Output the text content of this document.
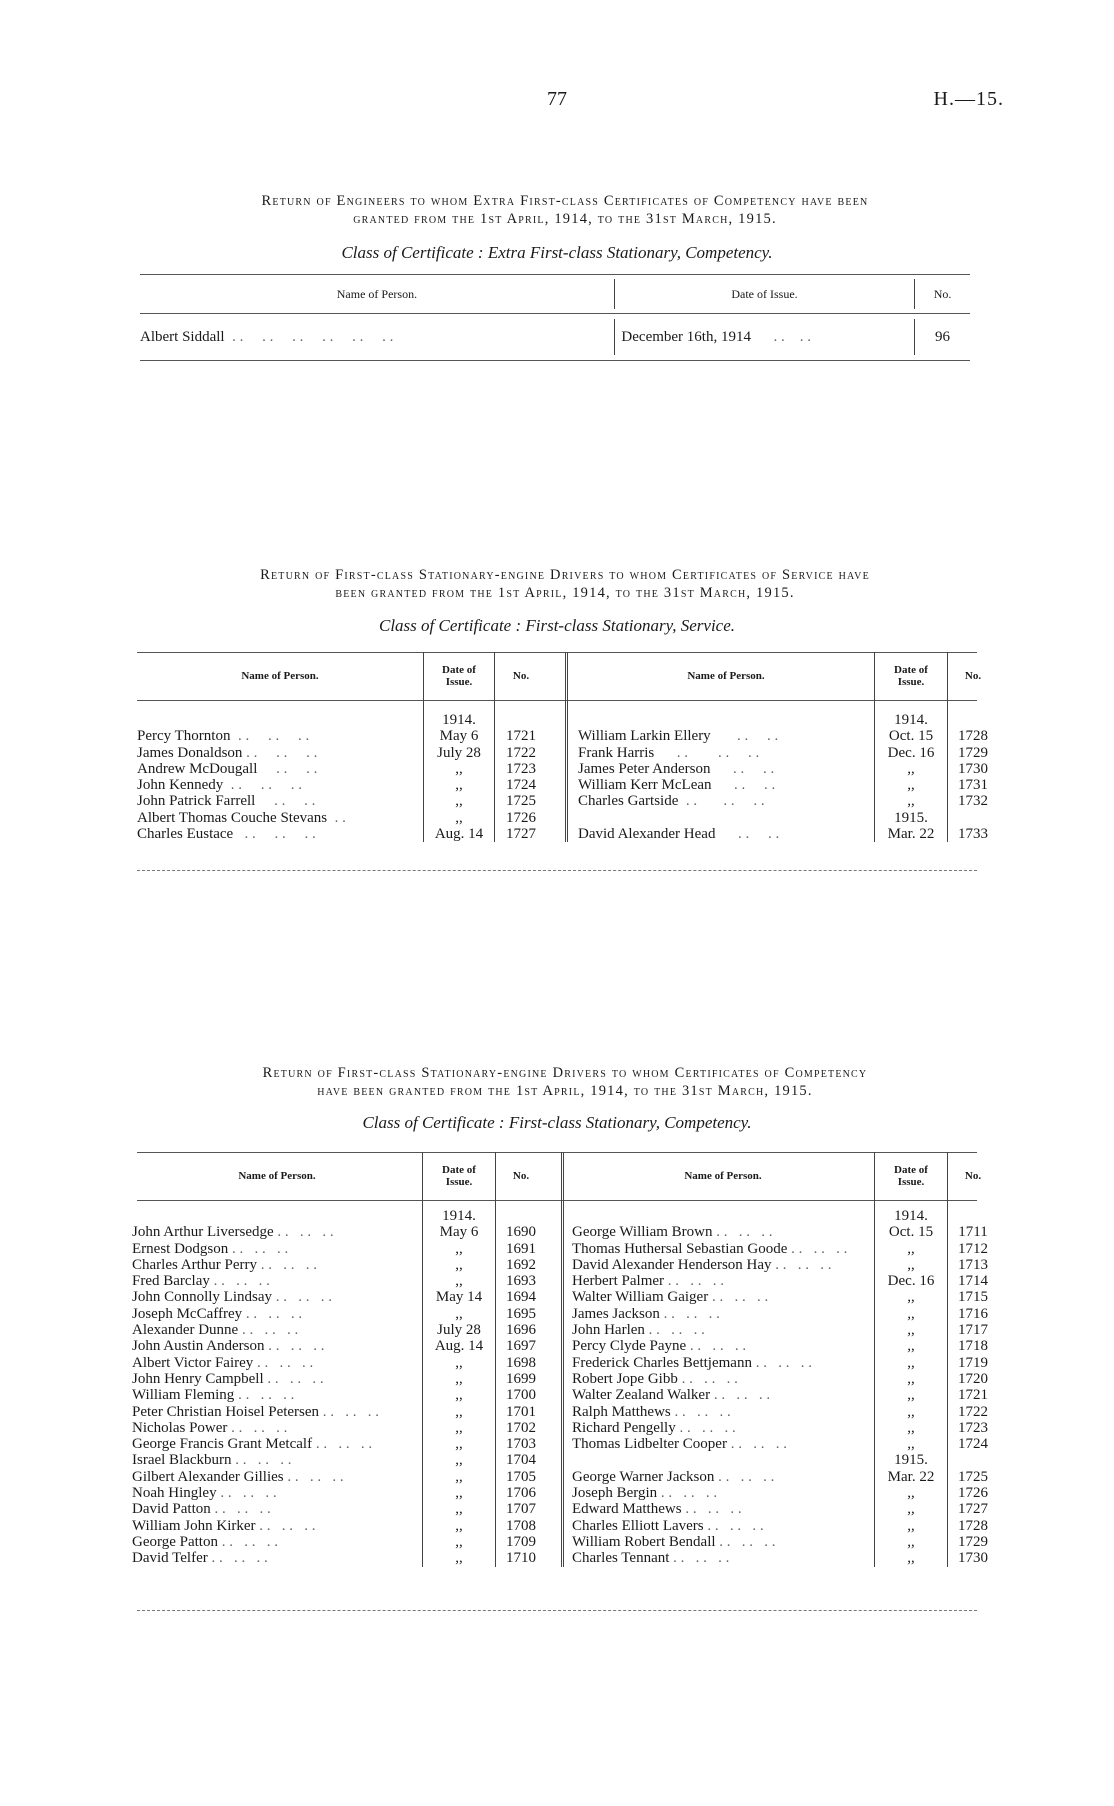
77	H.—15.
Return of Engineers to whom Extra First-class Certificates of Competency have been
granted from the 1st April, 1914, to the 31st March, 1915.
Class of Certificate : Extra First-class Stationary, Competency.
Name of Person.	Date of Issue.	No.
Albert Siddall  . .     . .     . .     . .     . .     . .	December 16th, 1914      . .    . .	96
Return of First-class Stationary-engine Drivers to whom Certificates of Service have
been granted from the 1st April, 1914, to the 31st March, 1915.
Class of Certificate : First-class Stationary, Service.
Name of Person.	Date of
Issue.	No.

	1914.	
Percy Thornton  . .     . .     . .	May 6	1721
James Donaldson . .     . .     . .	July 28	1722
Andrew McDougall     . .     . .	,,	1723
John Kennedy  . .     . .     . .	,,	1724
John Patrick Farrell     . .     . .	,,	1725
Albert Thomas Couche Stevans  . .	,,	1726
Charles Eustace   . .     . .     . .	Aug. 14	1727
Name of Person.	Date of
Issue.	No.

	1914.	
William Larkin Ellery       . .     . .	Oct. 15	1728
Frank Harris      . .        . .     . .	Dec. 16	1729
James Peter Anderson      . .     . .	,,	1730
William Kerr McLean      . .     . .	,,	1731
Charles Gartside  . .       . .     . .	,,	1732
	1915.	
David Alexander Head      . .     . .	Mar. 22	1733
Return of First-class Stationary-engine Drivers to whom Certificates of Competency
have been granted from the 1st April, 1914, to the 31st March, 1915.
Class of Certificate : First-class Stationary, Competency.
Name of Person.	Date of
Issue.	No.

	1914.	
John Arthur Liversedge . .   . .   . .	May 6	1690
Ernest Dodgson . .   . .   . .	,,	1691
Charles Arthur Perry . .   . .   . .	,,	1692
Fred Barclay . .   . .   . .	,,	1693
John Connolly Lindsay . .   . .   . .	May 14	1694
Joseph McCaffrey . .   . .   . .	,,	1695
Alexander Dunne . .   . .   . .	July 28	1696
John Austin Anderson . .   . .   . .	Aug. 14	1697
Albert Victor Fairey . .   . .   . .	,,	1698
John Henry Campbell . .   . .   . .	,,	1699
William Fleming . .   . .   . .	,,	1700
Peter Christian Hoisel Petersen . .   . .   . .	,,	1701
Nicholas Power . .   . .   . .	,,	1702
George Francis Grant Metcalf . .   . .   . .	,,	1703
Israel Blackburn . .   . .   . .	,,	1704
Gilbert Alexander Gillies . .   . .   . .	,,	1705
Noah Hingley . .   . .   . .	,,	1706
David Patton . .   . .   . .	,,	1707
William John Kirker . .   . .   . .	,,	1708
George Patton . .   . .   . .	,,	1709
David Telfer . .   . .   . .	,,	1710
Name of Person.	Date of
Issue.	No.

	1914.	
George William Brown . .   . .   . .	Oct. 15	1711
Thomas Huthersal Sebastian Goode . .   . .   . .	,,	1712
David Alexander Henderson Hay . .   . .   . .	,,	1713
Herbert Palmer . .   . .   . .	Dec. 16	1714
Walter William Gaiger . .   . .   . .	,,	1715
James Jackson . .   . .   . .	,,	1716
John Harlen . .   . .   . .	,,	1717
Percy Clyde Payne . .   . .   . .	,,	1718
Frederick Charles Bettjemann . .   . .   . .	,,	1719
Robert Jope Gibb . .   . .   . .	,,	1720
Walter Zealand Walker . .   . .   . .	,,	1721
Ralph Matthews . .   . .   . .	,,	1722
Richard Pengelly . .   . .   . .	,,	1723
Thomas Lidbelter Cooper . .   . .   . .	,,	1724
	1915.	
George Warner Jackson . .   . .   . .	Mar. 22	1725
Joseph Bergin . .   . .   . .	,,	1726
Edward Matthews . .   . .   . .	,,	1727
Charles Elliott Lavers . .   . .   . .	,,	1728
William Robert Bendall . .   . .   . .	,,	1729
Charles Tennant . .   . .   . .	,,	1730
